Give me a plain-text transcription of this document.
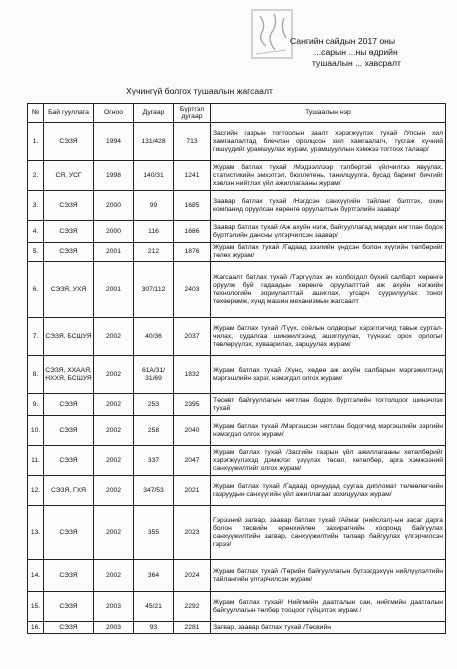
Сангийн сайдын 2017 оны
...сарын ...ны өдрийн
тушаалын ... хавсралт
Хүчингүй болгох тушаалын жагсаалт
№	Бай гууллага	Огноо	Дугаар	Бүртгэл дугаар	Тушаалын нэр
1.	СЭЗЯ	1994	131/428	713	Засгийн газрын тогтоолын заалт хэрэгжүүлэх тухай /Улсын хил хамгаалалтад биечлэн оролцсон хил хамгаалагч, тусгаж хүчний гишүүдийг урамшуулах журам, урамшууллын хэмжээ тогтоох талаар/
2.	СЯ, УСГ	1998	140/31	1241	Журам батлах тухай /Мэдээллээр тэлбертэй үйлчилгээ явуулах, статистикийн эмхэтгэл, бюллетень, танилцуулга, бусад баримт бичгийг хэвлэн нийтлэх үйл ажиллагааны журам/
3.	СЭЗЯ	2000	99	1685	Заавар батлах тухай /Нэгдсэн санхүүгийн тайланг бэлтгэх, охин компанид оруулсан хөрөнгө оруулалтын бүртгэлийн заавар/
4.	СЭЗЯ	2000	116	1686	Заавар батлах тухай /Аж ахуйн нэгж, байгууллагад мөрдөх нягтлан бодох бүртгэлийн дансны үлгэрчилсэн заавар/
5.	СЭЗЯ	2001	212	1876	Журам батлах тухай /Гадаад зээлийн үндсэн болон хүүгийн төлбөрийг төлөх журам/
6.	СЭЗЯ, УХЯ	2001	307/112	2403	Жагсаалт батлах тухай /Тэргүүлэх ач холбогдол бүхий салбарт хөрөнгө оруулж буй гадаадын хөрөнгө оруулалттай аж ахуйн нэгжийн технологийн зориулалттай ашиглах, угсарч суурилуулах тоног төхөөрөмж, хүнд машин механизмын жагсаалт
7.	СЭЗЯ, БСШУЯ	2002	40/36	2037	Журам батлах тухай /Түүх, соёлын олдворыг хэрэглэгчид тавьж сурталчилах, судалгаа шинжилгээнд ашиглуулах, түүнээс орох орлогыг төвлөрүүлэх, хуваарилах, зарцуулах журам/
8.	СЭЗЯ, ХХААЯ, НХХЯ, БСШУЯ	2002	61А/31/ 31/69	1832	Журам батлах тухай /Хүнс, хөдөө аж ахуйн салбарын мэргэжилтэнд мэргэшлийн зэрэг, нэмэгдэл олгох журам/
9.	СЭЗЯ	2002	253	2395	Төсөвт байгууллагын нягтлан бодох бүртгэлийн тогтолцоог шинэчлэх тухай
10.	СЭЗЯ	2002	258	2040	Журам батлах тухай /Мэргэшсэн нягтлан бодогчид мэргэшлийн зэргийн нэмэгдэл олгох журам/
11.	СЭЗЯ	2002	337	2047	Журам батлах тухай /Засгийн газрын үйл ажиллагааны хөтөлбөрийг хэрэгжүүлэхэд дэмжлэг үзүүлэх төсөл, хөтөлбөр, арга хэмжээний санхүүжилтийг олгох журам/
12.	СЭЗЯ, ГХЯ	2002	347/53	2021	Журам батлах тухай /Гадаад орнуудад суугаа дипломат төлөөлөгчийн газруудын санхүүгийн үйл ажиллагааг зохицуулах журам/
13.	СЭЗЯ	2002	355	2023	Гэрээний загвар, заавар батлах тухай /Аймаг (нийслэл)-ын засаг дарга болон төсвийн ерөнхийлөн захирагчийн хооронд байгуулах санхүүжилтийн загвар, санхүүжилтийн талаар байгуулах үлгэрчилсэн гэрээ/
14.	СЭЗЯ	2002	364	2024	Журам батлах тухай /Төрийн байгууллагын бүтээгдэхүүн нийлүүлэлтийн тайлангийн үлгэрчилсэн журам/
15.	СЭЗЯ	2003	45/21	2292	Журам батлах тухай/ Нийгмийн даатгалын сан, нийгмийн даатгалын байгууллагын төлбөр тооцоог гүйцэтгэх журам /
16.	СЭЗЯ	2003	93	2281	Загвар, заавар батлах тухай /Төсвийн
